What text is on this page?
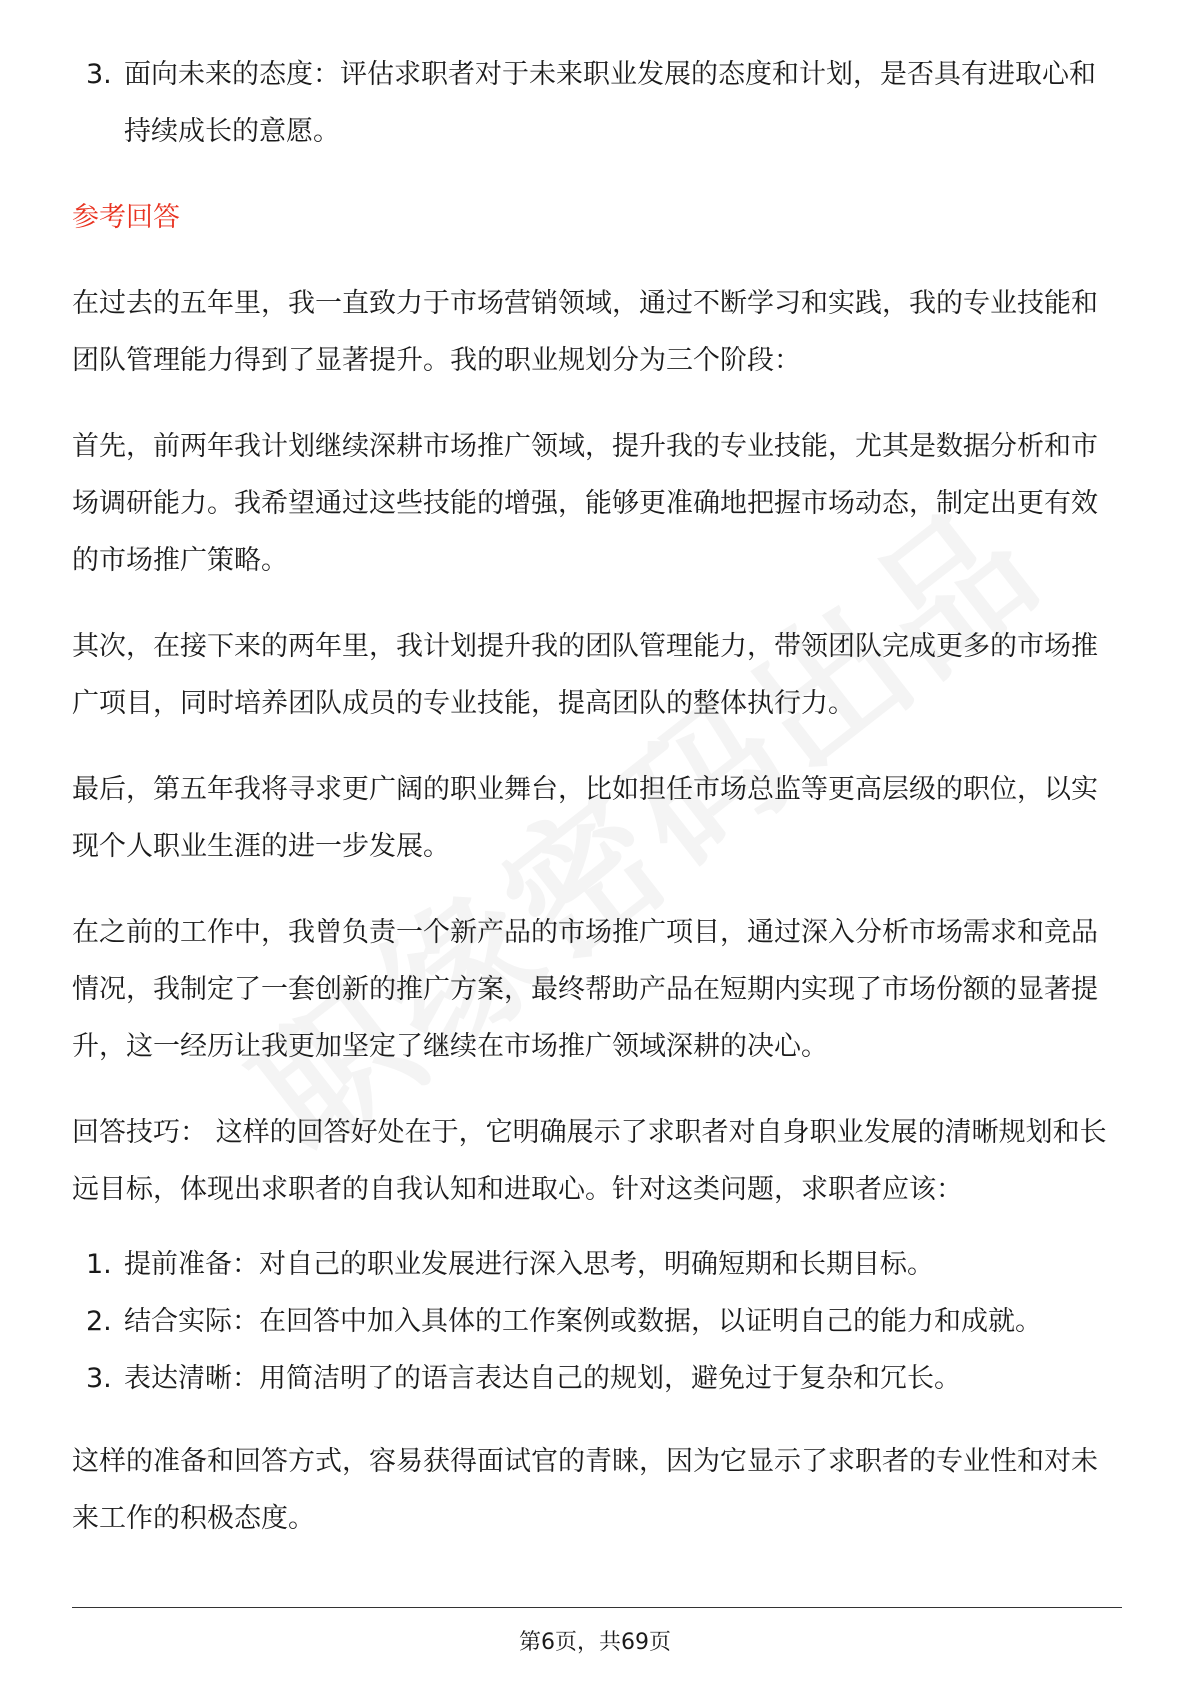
3. 面向未来的态度：评估求职者对于未来职业发展的态度和计划，是否具有进取心和持续成长的意愿。

参考回答

在过去的五年里，我一直致力于市场营销领域，通过不断学习和实践，我的专业技能和团队管理能力得到了显著提升。我的职业规划分为三个阶段：

首先，前两年我计划继续深耕市场推广领域，提升我的专业技能，尤其是数据分析和市场调研能力。我希望通过这些技能的增强，能够更准确地把握市场动态，制定出更有效的市场推广策略。

其次，在接下来的两年里，我计划提升我的团队管理能力，带领团队完成更多的市场推广项目，同时培养团队成员的专业技能，提高团队的整体执行力。

最后，第五年我将寻求更广阔的职业舞台，比如担任市场总监等更高层级的职位，以实现个人职业生涯的进一步发展。

在之前的工作中，我曾负责一个新产品的市场推广项目，通过深入分析市场需求和竞品情况，我制定了一套创新的推广方案，最终帮助产品在短期内实现了市场份额的显著提升，这一经历让我更加坚定了继续在市场推广领域深耕的决心。

回答技巧： 这样的回答好处在于，它明确展示了求职者对自身职业发展的清晰规划和长远目标，体现出求职者的自我认知和进取心。针对这类问题，求职者应该：

1. 提前准备：对自己的职业发展进行深入思考，明确短期和长期目标。
2. 结合实际：在回答中加入具体的工作案例或数据，以证明自己的能力和成就。
3. 表达清晰：用简洁明了的语言表达自己的规划，避免过于复杂和冗长。

这样的准备和回答方式，容易获得面试官的青睐，因为它显示了求职者的专业性和对未来工作的积极态度。

第6页，共69页
